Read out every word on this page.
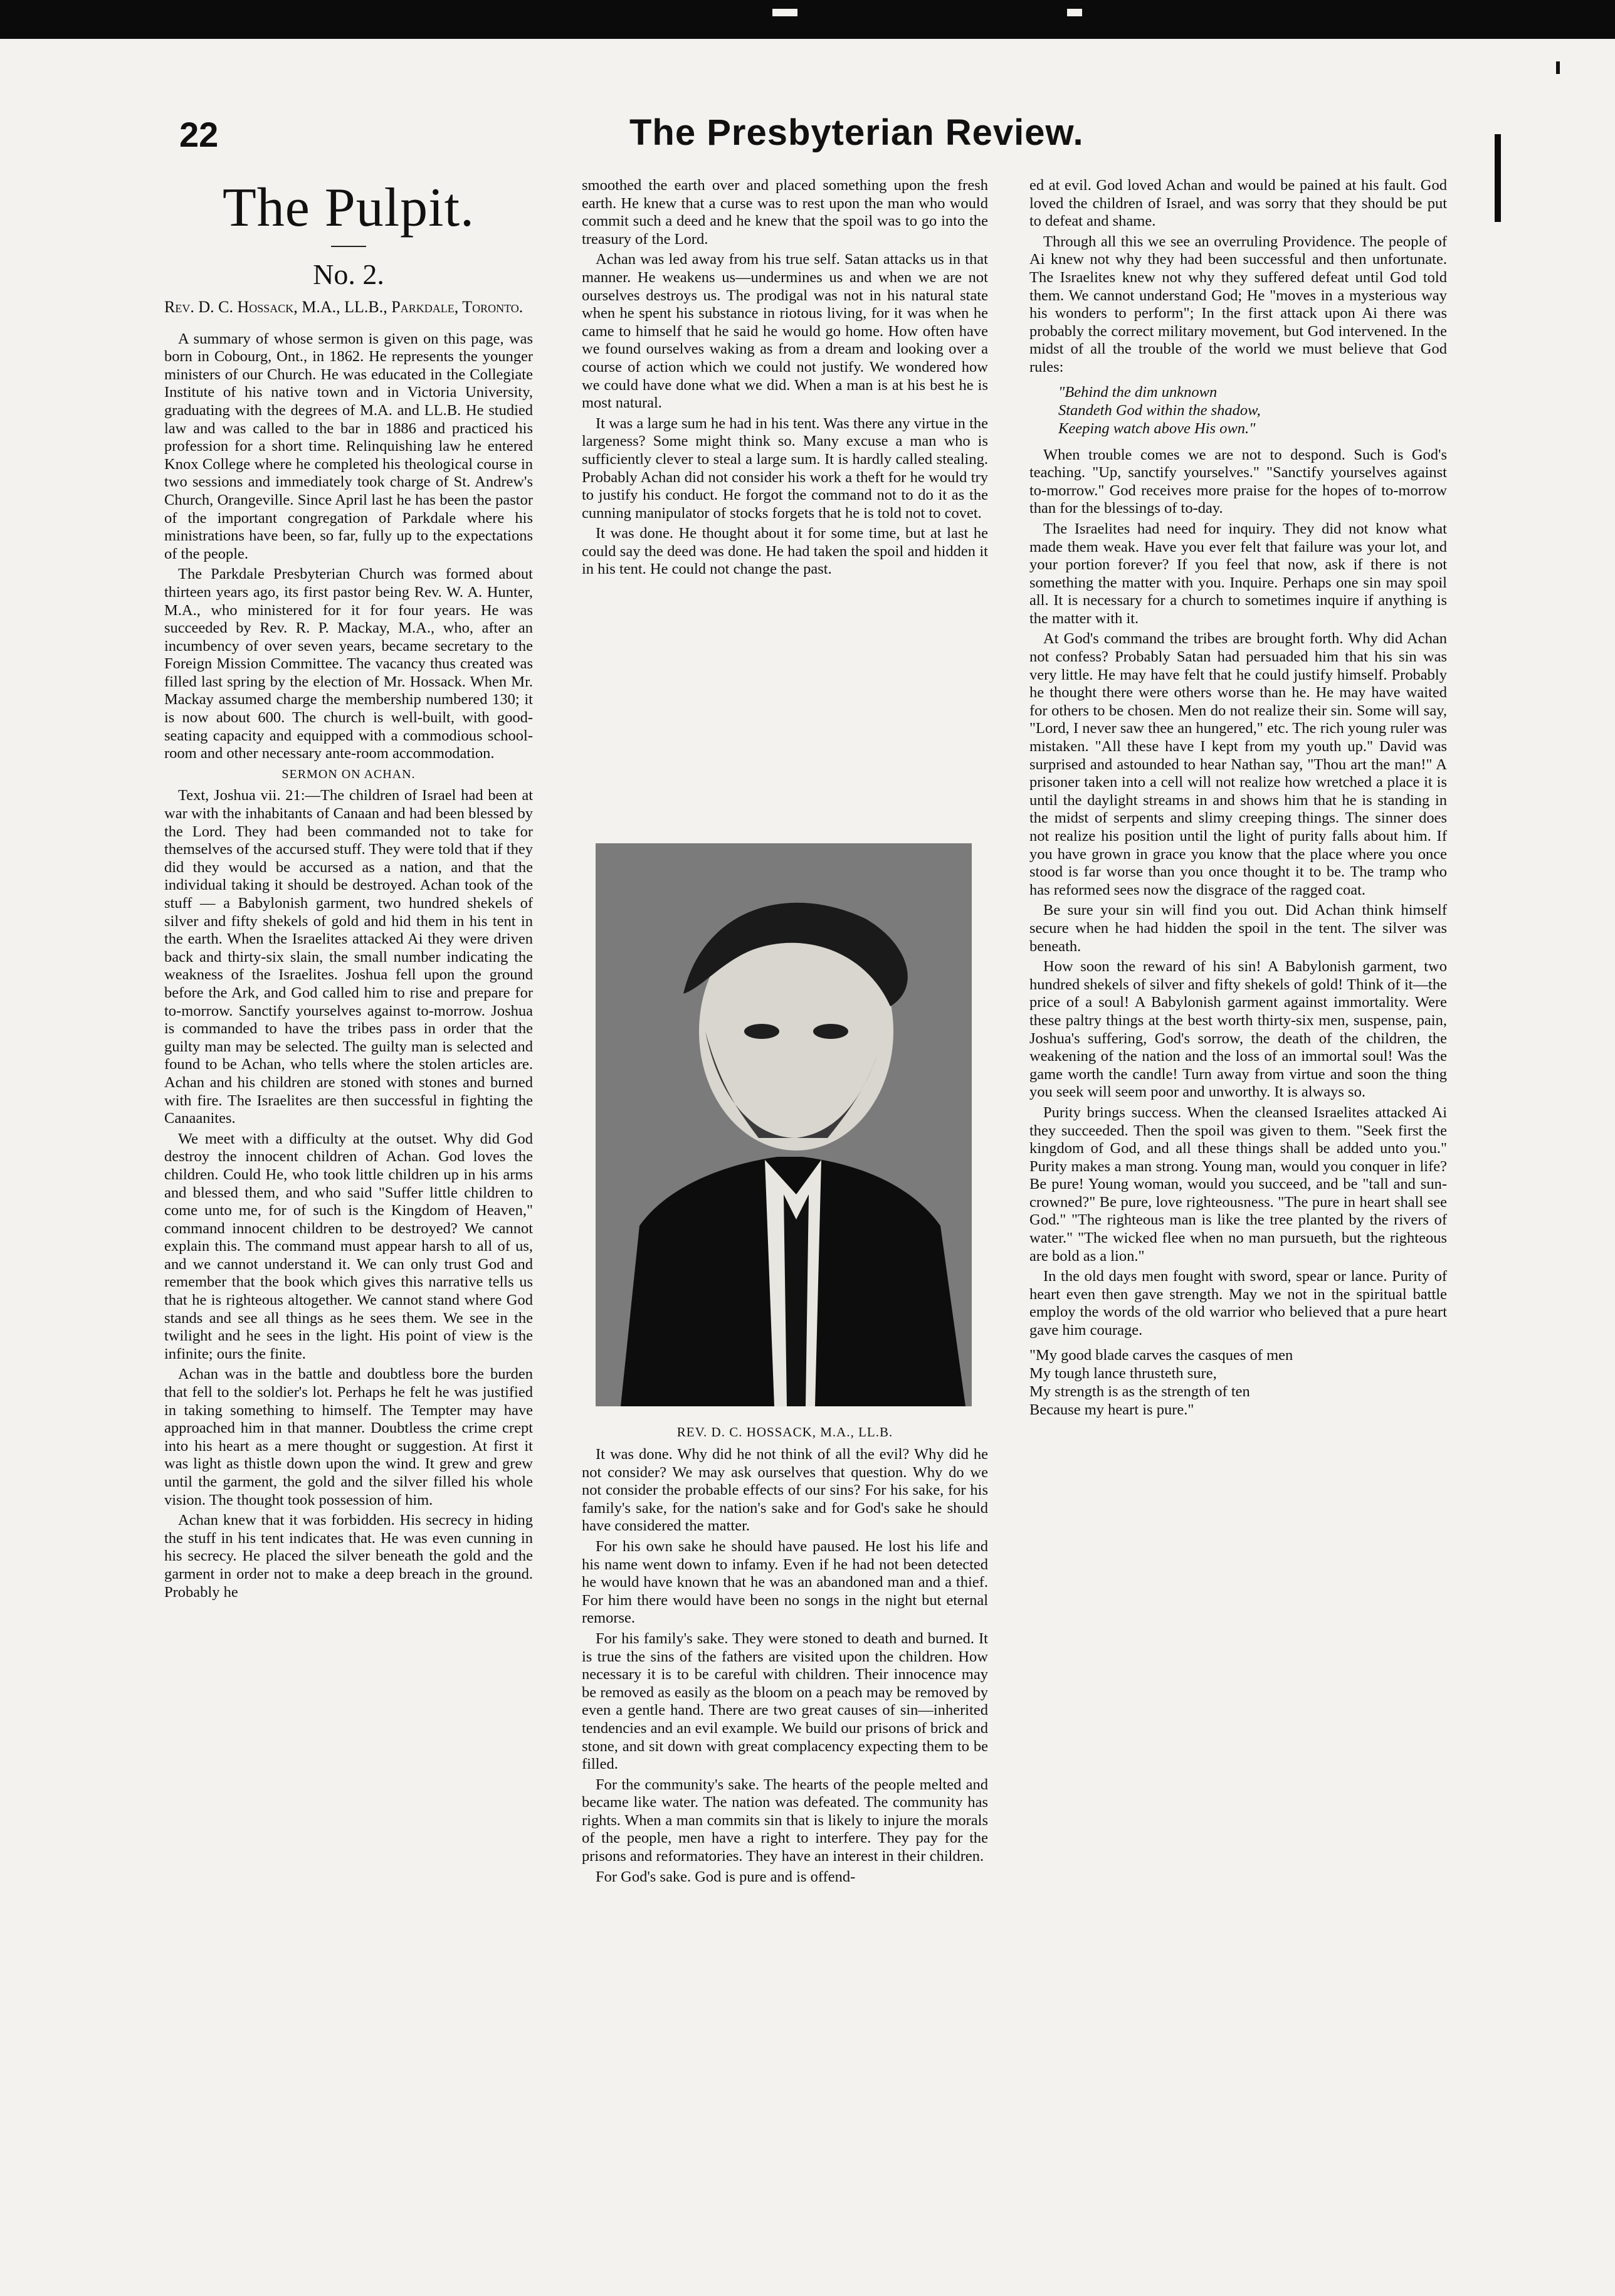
22	The Presbyterian Review.
The Pulpit.
No. 2.

Rev. D. C. Hossack, M.A., LL.B., Parkdale, Toronto.

A summary of whose sermon is given on this page, was born in Cobourg, Ont., in 1862. He represents the younger ministers of our Church. He was educated in the Collegiate Institute of his native town and in Victoria University, graduating with the degrees of M.A. and LL.B. He studied law and was called to the bar in 1886 and practiced his profession for a short time. Relinquishing law he entered Knox College where he completed his theological course in two sessions and immediately took charge of St. Andrew's Church, Orangeville. Since April last he has been the pastor of the important congregation of Parkdale where his ministrations have been, so far, fully up to the expectations of the people.

The Parkdale Presbyterian Church was formed about thirteen years ago, its first pastor being Rev. W. A. Hunter, M.A., who ministered for it for four years. He was succeeded by Rev. R. P. Mackay, M.A., who, after an incumbency of over seven years, became secretary to the Foreign Mission Committee. The vacancy thus created was filled last spring by the election of Mr. Hossack. When Mr. Mackay assumed charge the membership numbered 130; it is now about 600. The church is well-built, with good-seating capacity and equipped with a commodious school-room and other necessary ante-room accommodation.

SERMON ON ACHAN.

Text, Joshua vii. 21:—The children of Israel had been at war with the inhabitants of Canaan and had been blessed by the Lord. They had been commanded not to take for themselves of the accursed stuff. They were told that if they did they would be accursed as a nation, and that the individual taking it should be destroyed. Achan took of the stuff — a Babylonish garment, two hundred shekels of silver and fifty shekels of gold and hid them in his tent in the earth. When the Israelites attacked Ai they were driven back and thirty-six slain, the small number indicating the weakness of the Israelites. Joshua fell upon the ground before the Ark, and God called him to rise and prepare for to-morrow. Sanctify yourselves against to-morrow. Joshua is commanded to have the tribes pass in order that the guilty man may be selected. The guilty man is selected and found to be Achan, who tells where the stolen articles are. Achan and his children are stoned with stones and burned with fire. The Israelites are then successful in fighting the Canaanites.

We meet with a difficulty at the outset. Why did God destroy the innocent children of Achan. God loves the children. Could He, who took little children up in his arms and blessed them, and who said "Suffer little children to come unto me, for of such is the Kingdom of Heaven," command innocent children to be destroyed? We cannot explain this. The command must appear harsh to all of us, and we cannot understand it. We can only trust God and remember that the book which gives this narrative tells us that he is righteous altogether. We cannot stand where God stands and see all things as he sees them. We see in the twilight and he sees in the light. His point of view is the infinite; ours the finite.

Achan was in the battle and doubtless bore the burden that fell to the soldier's lot. Perhaps he felt he was justified in taking something to himself. The Tempter may have approached him in that manner. Doubtless the crime crept into his heart as a mere thought or suggestion. At first it was light as thistle down upon the wind. It grew and grew until the garment, the gold and the silver filled his whole vision. The thought took possession of him.

Achan knew that it was forbidden. His secrecy in hiding the stuff in his tent indicates that. He was even cunning in his secrecy. He placed the silver beneath the gold and the garment in order not to make a deep breach in the ground. Probably he

smoothed the earth over and placed something upon the fresh earth. He knew that a curse was to rest upon the man who would commit such a deed and he knew that the spoil was to go into the treasury of the Lord.

Achan was led away from his true self. Satan attacks us in that manner. He weakens us—undermines us and when we are not ourselves destroys us. The prodigal was not in his natural state when he spent his substance in riotous living, for it was when he came to himself that he said he would go home. How often have we found ourselves waking as from a dream and looking over a course of action which we could not justify. We wondered how we could have done what we did. When a man is at his best he is most natural.

It was a large sum he had in his tent. Was there any virtue in the largeness? Some might think so. Many excuse a man who is sufficiently clever to steal a large sum. It is hardly called stealing. Probably Achan did not consider his work a theft for he would try to justify his conduct. He forgot the command not to do it as the cunning manipulator of stocks forgets that he is told not to covet.

It was done. He thought about it for some time, but at last he could say the deed was done. He had taken the spoil and hidden it in his tent. He could not change the past.

REV. D. C. HOSSACK, M.A., LL.B.

It was done. Why did he not think of all the evil? Why did he not consider? We may ask ourselves that question. Why do we not consider the probable effects of our sins? For his sake, for his family's sake, for the nation's sake and for God's sake he should have considered the matter.

For his own sake he should have paused. He lost his life and his name went down to infamy. Even if he had not been detected he would have known that he was an abandoned man and a thief. For him there would have been no songs in the night but eternal remorse.

For his family's sake. They were stoned to death and burned. It is true the sins of the fathers are visited upon the children. How necessary it is to be careful with children. Their innocence may be removed as easily as the bloom on a peach may be removed by even a gentle hand. There are two great causes of sin—inherited tendencies and an evil example. We build our prisons of brick and stone, and sit down with great complacency expecting them to be filled.

For the community's sake. The hearts of the people melted and became like water. The nation was defeated. The community has rights. When a man commits sin that is likely to injure the morals of the people, men have a right to interfere. They pay for the prisons and reformatories. They have an interest in their children.

For God's sake. God is pure and is offend-

ed at evil. God loved Achan and would be pained at his fault. God loved the children of Israel, and was sorry that they should be put to defeat and shame.

Through all this we see an overruling Providence. The people of Ai knew not why they had been successful and then unfortunate. The Israelites knew not why they suffered defeat until God told them. We cannot understand God; He "moves in a mysterious way his wonders to perform"; In the first attack upon Ai there was probably the correct military movement, but God intervened. In the midst of all the trouble of the world we must believe that God rules:

"Behind the dim unknown
Standeth God within the shadow,
Keeping watch above His own."

When trouble comes we are not to despond. Such is God's teaching. "Up, sanctify yourselves." "Sanctify yourselves against to-morrow." God receives more praise for the hopes of to-morrow than for the blessings of to-day.

The Israelites had need for inquiry. They did not know what made them weak. Have you ever felt that failure was your lot, and your portion forever? If you feel that now, ask if there is not something the matter with you. Inquire. Perhaps one sin may spoil all. It is necessary for a church to sometimes inquire if anything is the matter with it.

At God's command the tribes are brought forth. Why did Achan not confess? Probably Satan had persuaded him that his sin was very little. He may have felt that he could justify himself. Probably he thought there were others worse than he. He may have waited for others to be chosen. Men do not realize their sin. Some will say, "Lord, I never saw thee an hungered," etc. The rich young ruler was mistaken. "All these have I kept from my youth up." David was surprised and astounded to hear Nathan say, "Thou art the man!" A prisoner taken into a cell will not realize how wretched a place it is until the daylight streams in and shows him that he is standing in the midst of serpents and slimy creeping things. The sinner does not realize his position until the light of purity falls about him. If you have grown in grace you know that the place where you once stood is far worse than you once thought it to be. The tramp who has reformed sees now the disgrace of the ragged coat.

Be sure your sin will find you out. Did Achan think himself secure when he had hidden the spoil in the tent. The silver was beneath.

How soon the reward of his sin! A Babylonish garment, two hundred shekels of silver and fifty shekels of gold! Think of it—the price of a soul! A Babylonish garment against immortality. Were these paltry things at the best worth thirty-six men, suspense, pain, Joshua's suffering, God's sorrow, the death of the children, the weakening of the nation and the loss of an immortal soul! Was the game worth the candle! Turn away from virtue and soon the thing you seek will seem poor and unworthy. It is always so.

Purity brings success. When the cleansed Israelites attacked Ai they succeeded. Then the spoil was given to them. "Seek first the kingdom of God, and all these things shall be added unto you." Purity makes a man strong. Young man, would you conquer in life? Be pure! Young woman, would you succeed, and be "tall and sun-crowned?" Be pure, love righteousness. "The pure in heart shall see God." "The righteous man is like the tree planted by the rivers of water." "The wicked flee when no man pursueth, but the righteous are bold as a lion."

In the old days men fought with sword, spear or lance. Purity of heart even then gave strength. May we not in the spiritual battle employ the words of the old warrior who believed that a pure heart gave him courage.

"My good blade carves the casques of men
My tough lance thrusteth sure,
My strength is as the strength of ten
Because my heart is pure."
